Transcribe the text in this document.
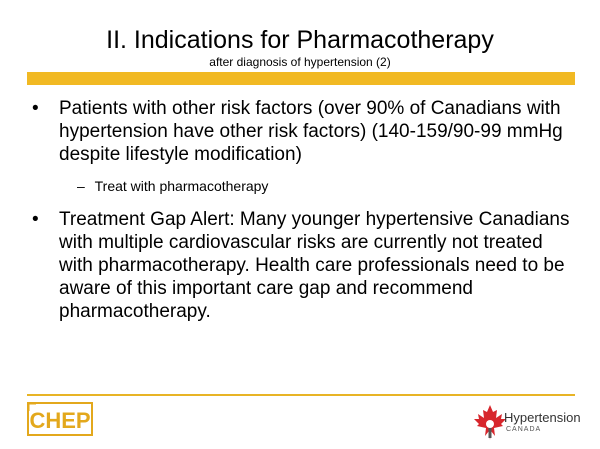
II. Indications for Pharmacotherapy
after diagnosis of hypertension (2)
•	Patients with other risk factors (over 90% of Canadians with hypertension have other risk factors) (140-159/90-99 mmHg despite lifestyle modification)
– Treat with pharmacotherapy
•	Treatment Gap Alert: Many younger hypertensive Canadians with multiple cardiovascular risks are currently not treated with pharmacotherapy. Health care professionals need to be aware of this important care gap and recommend pharmacotherapy.
CHEP	Hypertension
CANADA
